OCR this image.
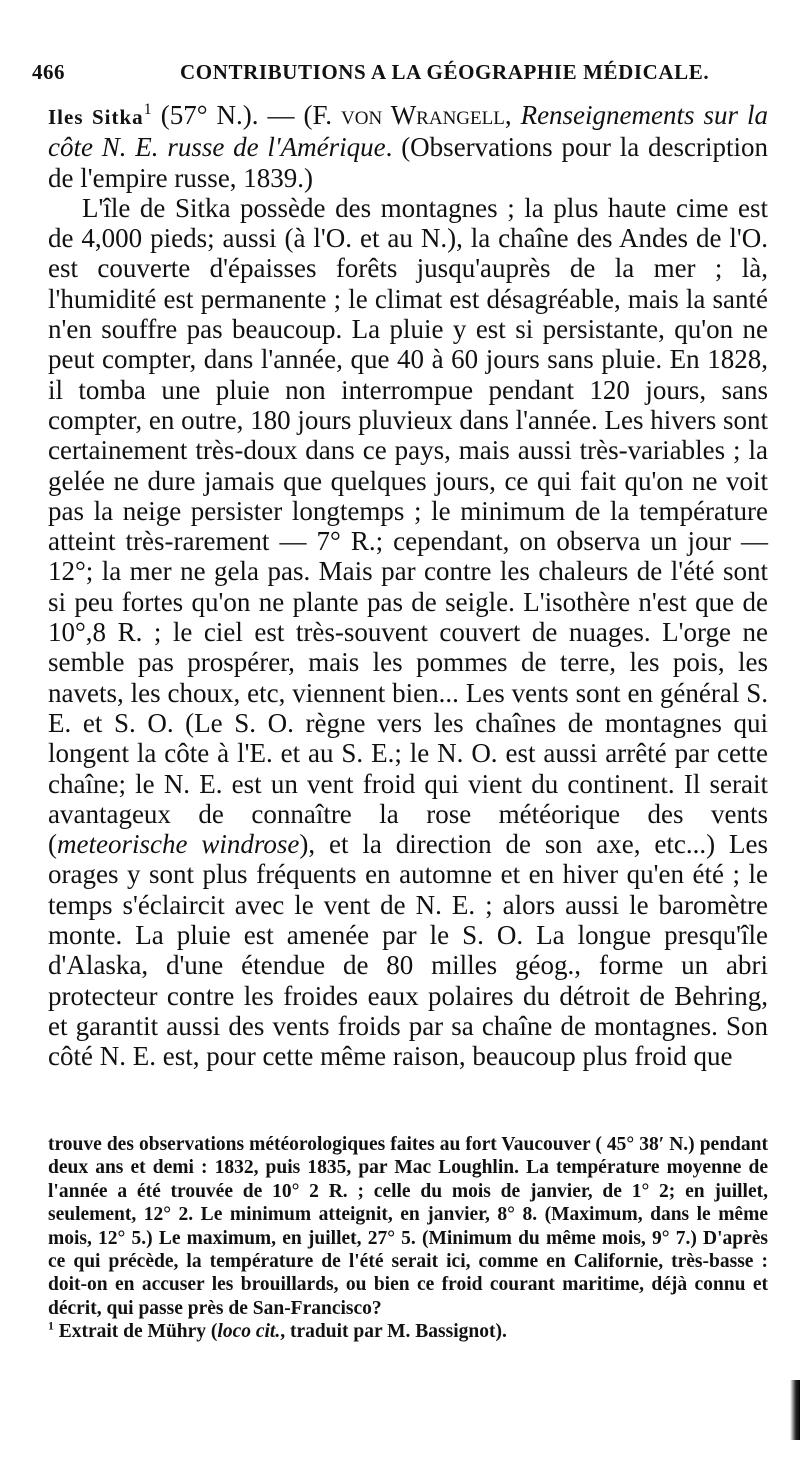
466	CONTRIBUTIONS A LA GÉOGRAPHIE MÉDICALE.

Iles Sitka$^1$ (57° N.). — (F. von Wrangell, Renseignements sur la côte N. E. russe de l'Amérique. (Observations pour la description de l'empire russe, 1839.)

L'île de Sitka possède des montagnes ; la plus haute cime est de 4,000 pieds; aussi (à l'O. et au N.), la chaîne des Andes de l'O. est couverte d'épaisses forêts jusqu'auprès de la mer ; là, l'humidité est permanente ; le climat est désagréable, mais la santé n'en souffre pas beaucoup. La pluie y est si persistante, qu'on ne peut compter, dans l'année, que 40 à 60 jours sans pluie. En 1828, il tomba une pluie non interrompue pendant 120 jours, sans compter, en outre, 180 jours pluvieux dans l'année. Les hivers sont certainement très-doux dans ce pays, mais aussi très-variables ; la gelée ne dure jamais que quelques jours, ce qui fait qu'on ne voit pas la neige persister longtemps ; le minimum de la température atteint très-rarement — 7° R.; cependant, on observa un jour — 12°; la mer ne gela pas. Mais par contre les chaleurs de l'été sont si peu fortes qu'on ne plante pas de seigle. L'isothère n'est que de 10°,8 R. ; le ciel est très-souvent couvert de nuages. L'orge ne semble pas prospérer, mais les pommes de terre, les pois, les navets, les choux, etc, viennent bien... Les vents sont en général S. E. et S. O. (Le S. O. règne vers les chaînes de montagnes qui longent la côte à l'E. et au S. E.; le N. O. est aussi arrêté par cette chaîne; le N. E. est un vent froid qui vient du continent. Il serait avantageux de connaître la rose météorique des vents (meteorische windrose), et la direction de son axe, etc...) Les orages y sont plus fréquents en automne et en hiver qu'en été ; le temps s'éclaircit avec le vent de N. E. ; alors aussi le baromètre monte. La pluie est amenée par le S. O. La longue presqu'île d'Alaska, d'une étendue de 80 milles géog., forme un abri protecteur contre les froides eaux polaires du détroit de Behring, et garantit aussi des vents froids par sa chaîne de montagnes. Son côté N. E. est, pour cette même raison, beaucoup plus froid que

trouve des observations météorologiques faites au fort Vaucouver ( 45° 38′ N.) pendant deux ans et demi : 1832, puis 1835, par Mac Loughlin. La température moyenne de l'année a été trouvée de 10° 2 R. ; celle du mois de janvier, de 1° 2; en juillet, seulement, 12° 2. Le minimum atteignit, en janvier, 8° 8. (Maximum, dans le même mois, 12° 5.) Le maximum, en juillet, 27° 5. (Minimum du même mois, 9° 7.) D'après ce qui précède, la température de l'été serait ici, comme en Californie, très-basse : doit-on en accuser les brouillards, ou bien ce froid courant maritime, déjà connu et décrit, qui passe près de San-Francisco?

$^1$ Extrait de Mühry (loco cit., traduit par M. Bassignot).
